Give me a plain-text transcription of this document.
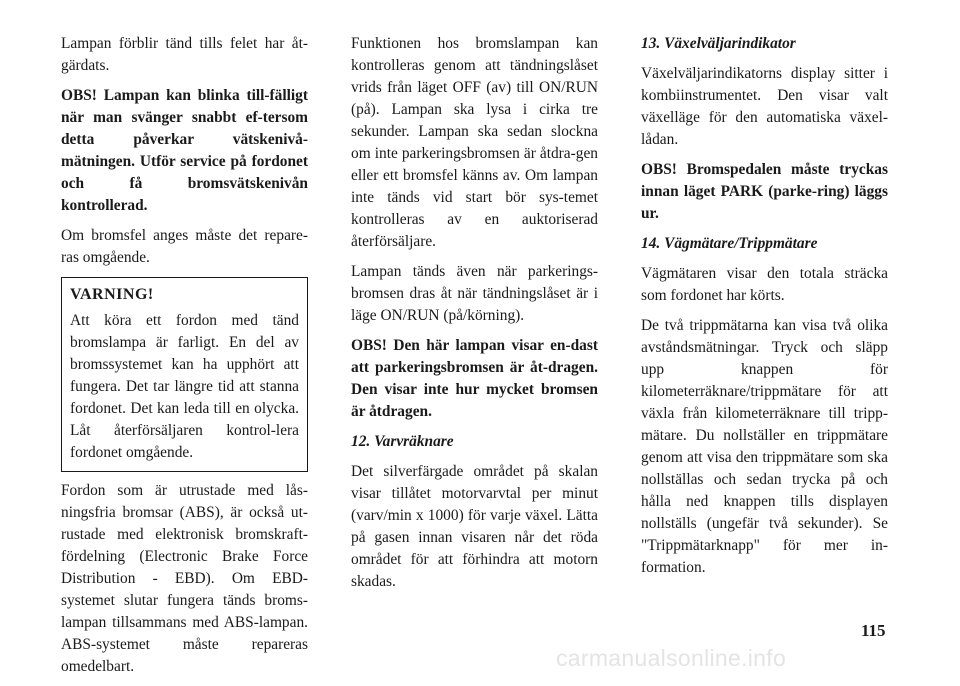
Lampan förblir tänd tills felet har åt-gärdats.

OBS! Lampan kan blinka till-fälligt när man svänger snabbt ef-tersom detta påverkar vätskenivå-mätningen. Utför service på fordonet och få bromsvätskenivån kontrollerad.

Om bromsfel anges måste det repare-ras omgående.

VARNING!

Att köra ett fordon med tänd bromslampa är farligt. En del av bromssystemet kan ha upphört att fungera. Det tar längre tid att stanna fordonet. Det kan leda till en olycka. Låt återförsäljaren kontrol-lera fordonet omgående.

Fordon som är utrustade med lås-ningsfria bromsar (ABS), är också ut-rustade med elektronisk bromskraft-fördelning (Electronic Brake Force Distribution - EBD). Om EBD-systemet slutar fungera tänds broms-lampan tillsammans med ABS-lampan. ABS-systemet måste repareras omedelbart.

Funktionen hos bromslampan kan kontrolleras genom att tändningslåset vrids från läget OFF (av) till ON/RUN (på). Lampan ska lysa i cirka tre sekunder. Lampan ska sedan slockna om inte parkeringsbromsen är åtdra-gen eller ett bromsfel känns av. Om lampan inte tänds vid start bör sys-temet kontrolleras av en auktoriserad återförsäljare.

Lampan tänds även när parkerings-bromsen dras åt när tändningslåset är i läge ON/RUN (på/körning).

OBS! Den här lampan visar en-dast att parkeringsbromsen är åt-dragen. Den visar inte hur mycket bromsen är åtdragen.

12. Varvräknare

Det silverfärgade området på skalan visar tillåtet motorvarvtal per minut (varv/min x 1000) för varje växel. Lätta på gasen innan visaren når det röda området för att förhindra att motorn skadas.

13. Växelväljarindikator

Växelväljarindikatorns display sitter i kombiinstrumentet. Den visar valt växelläge för den automatiska växel-lådan.

OBS! Bromspedalen måste tryckas innan läget PARK (parke-ring) läggs ur.

14. Vägmätare/Trippmätare

Vägmätaren visar den totala sträcka som fordonet har körts.

De två trippmätarna kan visa två olika avståndsmätningar. Tryck och släpp upp knappen för kilometerräknare/trippmätare för att växla från kilometerräknare till tripp-mätare. Du nollställer en trippmätare genom att visa den trippmätare som ska nollställas och sedan trycka på och hålla ned knappen tills displayen nollställs (ungefär två sekunder). Se "Trippmätarknapp" för mer in-formation.

115
carmanualsonline.info
